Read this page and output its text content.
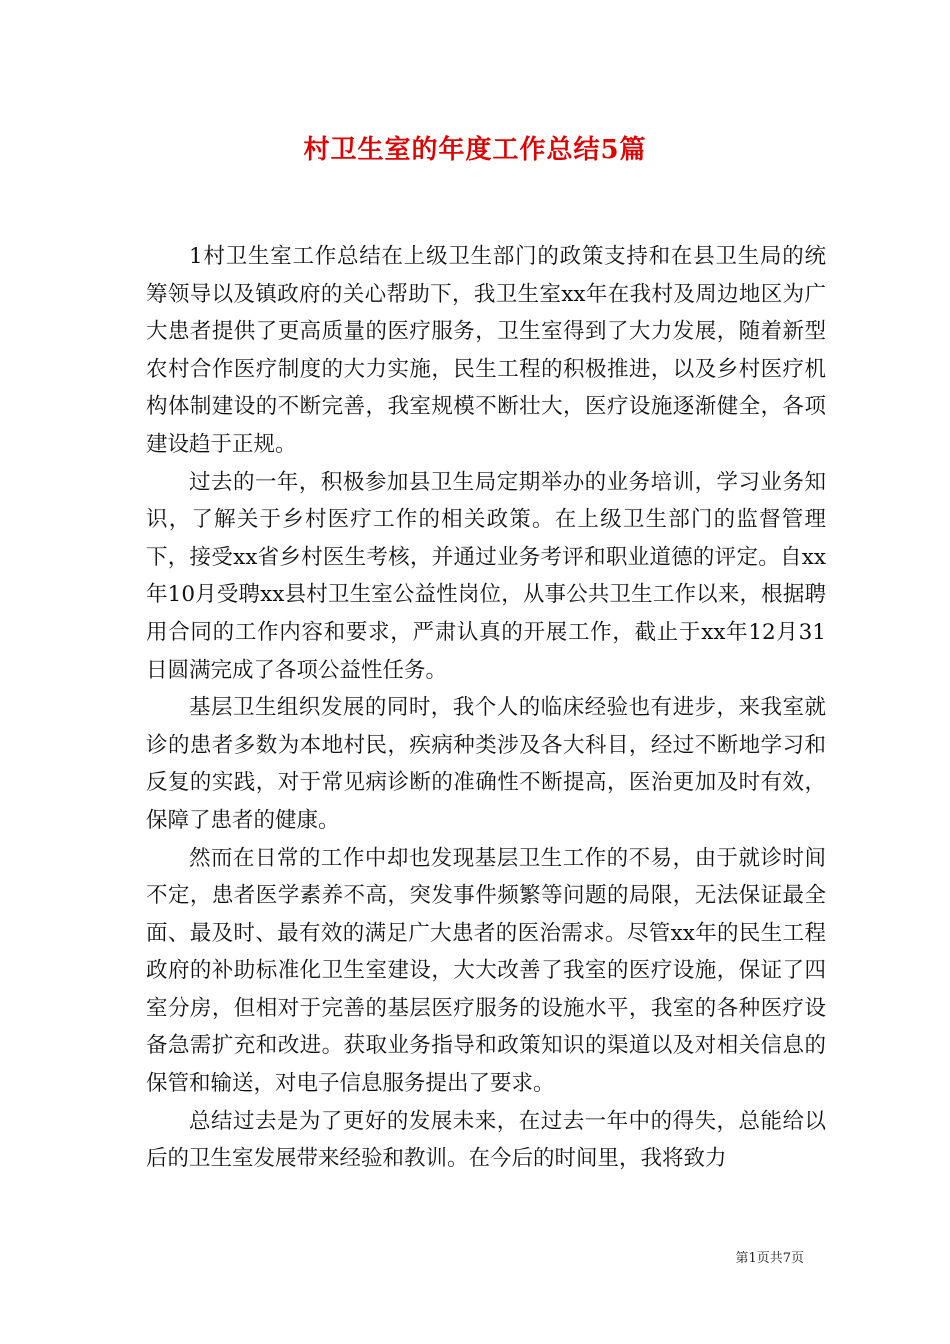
村卫生室的年度工作总结5篇

1村卫生室工作总结在上级卫生部门的政策支持和在县卫生局的统筹领导以及镇政府的关心帮助下，我卫生室xx年在我村及周边地区为广大患者提供了更高质量的医疗服务，卫生室得到了大力发展，随着新型农村合作医疗制度的大力实施，民生工程的积极推进，以及乡村医疗机构体制建设的不断完善，我室规模不断壮大，医疗设施逐渐健全，各项建设趋于正规。

过去的一年，积极参加县卫生局定期举办的业务培训，学习业务知识，了解关于乡村医疗工作的相关政策。在上级卫生部门的监督管理下，接受xx省乡村医生考核，并通过业务考评和职业道德的评定。自xx年10月受聘xx县村卫生室公益性岗位，从事公共卫生工作以来，根据聘用合同的工作内容和要求，严肃认真的开展工作，截止于xx年12月31日圆满完成了各项公益性任务。

基层卫生组织发展的同时，我个人的临床经验也有进步，来我室就诊的患者多数为本地村民，疾病种类涉及各大科目，经过不断地学习和反复的实践，对于常见病诊断的准确性不断提高，医治更加及时有效，保障了患者的健康。

然而在日常的工作中却也发现基层卫生工作的不易，由于就诊时间不定，患者医学素养不高，突发事件频繁等问题的局限，无法保证最全面、最及时、最有效的满足广大患者的医治需求。尽管xx年的民生工程政府的补助标准化卫生室建设，大大改善了我室的医疗设施，保证了四室分房，但相对于完善的基层医疗服务的设施水平，我室的各种医疗设备急需扩充和改进。获取业务指导和政策知识的渠道以及对相关信息的保管和输送，对电子信息服务提出了要求。

总结过去是为了更好的发展未来，在过去一年中的得失，总能给以后的卫生室发展带来经验和教训。在今后的时间里，我将致力

第1页共7页
